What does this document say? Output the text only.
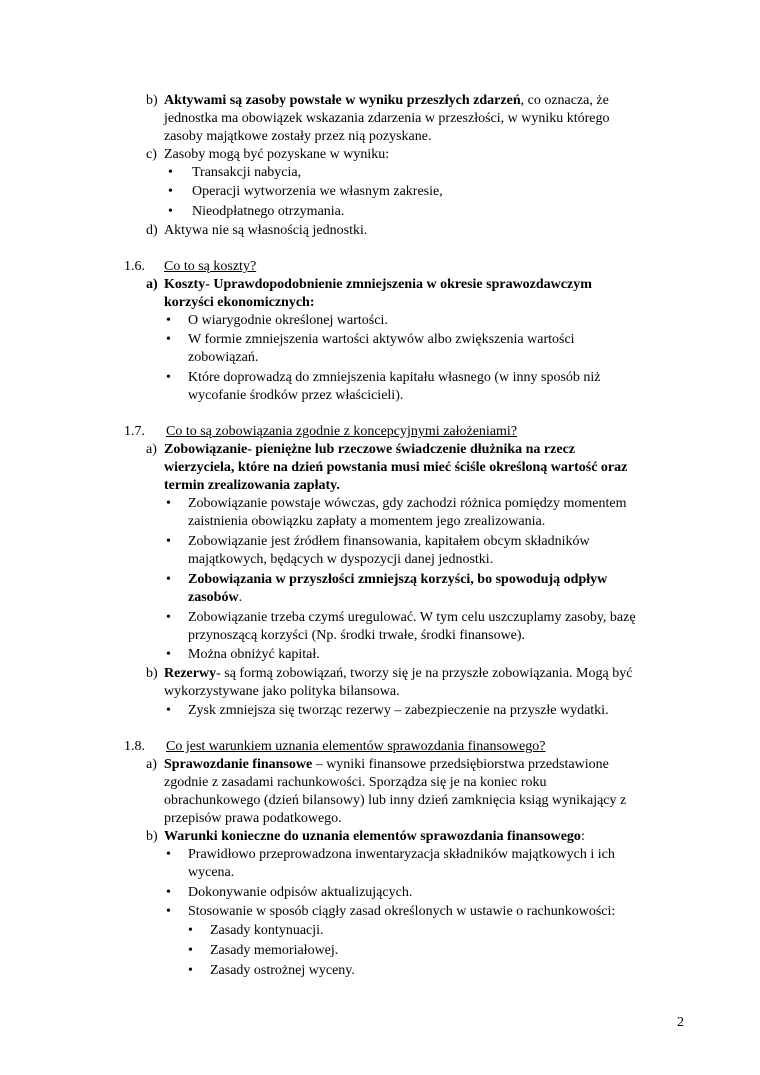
b) Aktywami są zasoby powstałe w wyniku przeszłych zdarzeń, co oznacza, że
jednostka ma obowiązek wskazania zdarzenia w przeszłości, w wyniku którego
zasoby majątkowe zostały przez nią pozyskane.
c) Zasoby mogą być pozyskane w wyniku:
• Transakcji nabycia,
• Operacji wytworzenia we własnym zakresie,
• Nieodpłatnego otrzymania.
d) Aktywa nie są własnością jednostki.
1.6. Co to są koszty?
a) Koszty- Uprawdopodobnienie zmniejszenia w okresie sprawozdawczym
korzyści ekonomicznych:
• O wiarygodnie określonej wartości.
• W formie zmniejszenia wartości aktywów albo zwiększenia wartości
zobowiązań.
• Które doprowadzą do zmniejszenia kapitału własnego (w inny sposób niż
wycofanie środków przez właścicieli).
1.7. Co to są zobowiązania zgodnie z koncepcyjnymi założeniami?
a) Zobowiązanie- pieniężne lub rzeczowe świadczenie dłużnika na rzecz
wierzyciela, które na dzień powstania musi mieć ściśle określoną wartość oraz
termin zrealizowania zapłaty.
• Zobowiązanie powstaje wówczas, gdy zachodzi różnica pomiędzy momentem
zaistnienia obowiązku zapłaty a momentem jego zrealizowania.
• Zobowiązanie jest źródłem finansowania, kapitałem obcym składników
majątkowych, będących w dyspozycji danej jednostki.
• Zobowiązania w przyszłości zmniejszą korzyści, bo spowodują odpływ
zasobów.
• Zobowiązanie trzeba czymś uregulować. W tym celu uszczuplamy zasoby, bazę
przynoszącą korzyści (Np. środki trwałe, środki finansowe).
• Można obniżyć kapitał.
b) Rezerwy- są formą zobowiązań, tworzy się je na przyszłe zobowiązania. Mogą być
wykorzystywane jako polityka bilansowa.
• Zysk zmniejsza się tworząc rezerwy – zabezpieczenie na przyszłe wydatki.
1.8. Co jest warunkiem uznania elementów sprawozdania finansowego?
a) Sprawozdanie finansowe – wyniki finansowe przedsiębiorstwa przedstawione
zgodnie z zasadami rachunkowości. Sporządza się je na koniec roku
obrachunkowego (dzień bilansowy) lub inny dzień zamknięcia ksiąg wynikający z
przepisów prawa podatkowego.
b) Warunki konieczne do uznania elementów sprawozdania finansowego:
• Prawidłowo przeprowadzona inwentaryzacja składników majątkowych i ich
wycena.
• Dokonywanie odpisów aktualizujących.
• Stosowanie w sposób ciągły zasad określonych w ustawie o rachunkowości:
• Zasady kontynuacji.
• Zasady memoriałowej.
• Zasady ostrożnej wyceny.
2
